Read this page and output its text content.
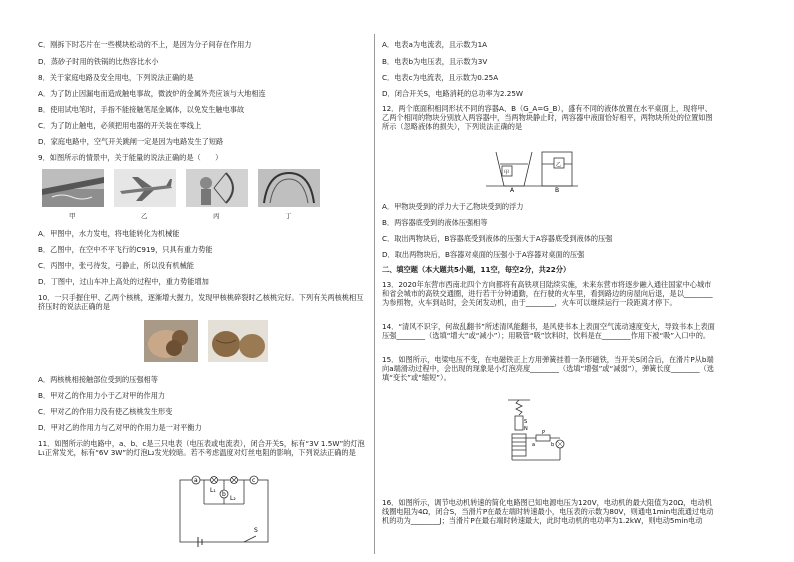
C．刚拆下时芯片在一些模块松动的不上，是因为分子间存在作用力
D．蒸砂子时用的铁锅的比热容比水小
8．关于家庭电路及安全用电，下列说法正确的是
A．为了防止因漏电而造成触电事故，微波炉的金属外壳应该与大地相连
B．使用试电笔时，手指不能接触笔尾金属体，以免发生触电事故
C．为了防止触电，必须把用电器的开关装在零线上
D．家庭电路中，空气开关跳闸一定是因为电路发生了短路
9．如图所示的情景中，关于能量的说法正确的是（　　）
甲	乙	丙	丁
A．甲图中，水力发电，将电能转化为机械能
B．乙图中，在空中不平飞行的C919，只具有重力势能
C．丙图中，张弓待发，弓静止，所以没有机械能
D．丁图中，过山车冲上高处的过程中，重力势能增加
10．一只手握住甲、乙两个核桃，逐渐增大握力，发现甲核桃碎裂时乙核桃完好。下列有关两核桃相互挤压时的说法正确的是
A．两核桃相接触部位受到的压强相等
B．甲对乙的作用力小于乙对甲的作用力
C．甲对乙的作用力没有使乙核桃发生形变
D．甲对乙的作用力与乙对甲的作用力是一对平衡力
11．如图所示的电路中，a、b、c是三只电表（电压表或电流表），闭合开关S，标有“3V 1.5W”的灯泡L₁正常发光，标有“6V 3W”的灯泡L₂发光较暗。若不考虑温度对灯丝电阻的影响，下列说法正确的是
L₁
L₂
a
b
c
S
A．电表a为电流表，且示数为1A
B．电表b为电压表，且示数为3V
C．电表c为电流表，且示数为0.25A
D．闭合开关S，电路消耗的总功率为2.25W
12．两个底面积相同形状不同的容器A、B（G_A=G_B），盛有不同的液体放置在水平桌面上，现将甲、乙两个相同的物块分别放入两容器中，当两物块静止时，两容器中液面恰好相平，两物块所处的位置如图所示（忽略液体的损失），下列说法正确的是
A	B
甲
乙
A．甲物块受到的浮力大于乙物块受到的浮力
B．两容器底受到的液体压强相等
C．取出两物块后，B容器底受到液体的压强大于A容器底受到液体的压强
D．取出两物块后，B容器对桌面的压强小于A容器对桌面的压强
二、填空题（本大题共5小题，11空，每空2分，共22分）
13．2020年东营市西南北四个方向都将有高铁项目陆续实施，未来东营市将逐步融入通往国家中心城市和省会城市的高铁交通圈，进行若干分钟通勤，在行驶的火车里，看到路边的房屋向后退，是以________为参照物，火车到站时，会关闭发动机，由于________，火车可以继续运行一段距离才停下。
14．“清风不识字，何故乱翻书”所述清风能翻书，是风使书本上表面空气流动速度变大，导致书本上表面压强________（选填“增大”或“减小”）；用吸管“吸”饮料时，饮料是在________作用下被“吸”入口中的。
15．如图所示，电梁电压不变，在电磁铁正上方用弹簧挂着一条形磁铁，当开关S闭合后，在滑片P从b端向a端滑动过程中，会出现的现象是小灯泡亮度________（选填“增强”或“减弱”），弹簧长度________（选填“变长”或“缩短”）。
S
N
P
a	b
16．如图所示，调节电动机转速的简化电路图已知电源电压为120V，电动机的最大阻值为20Ω，电动机线圈电阻为4Ω，闭合S，当滑片P在最左端时转速最小，电压表的示数为80V，则通电1min电流通过电动机的功为________J；当滑片P在最右端时转速最大，此时电动机的电功率为1.2kW，则电动5min电动
